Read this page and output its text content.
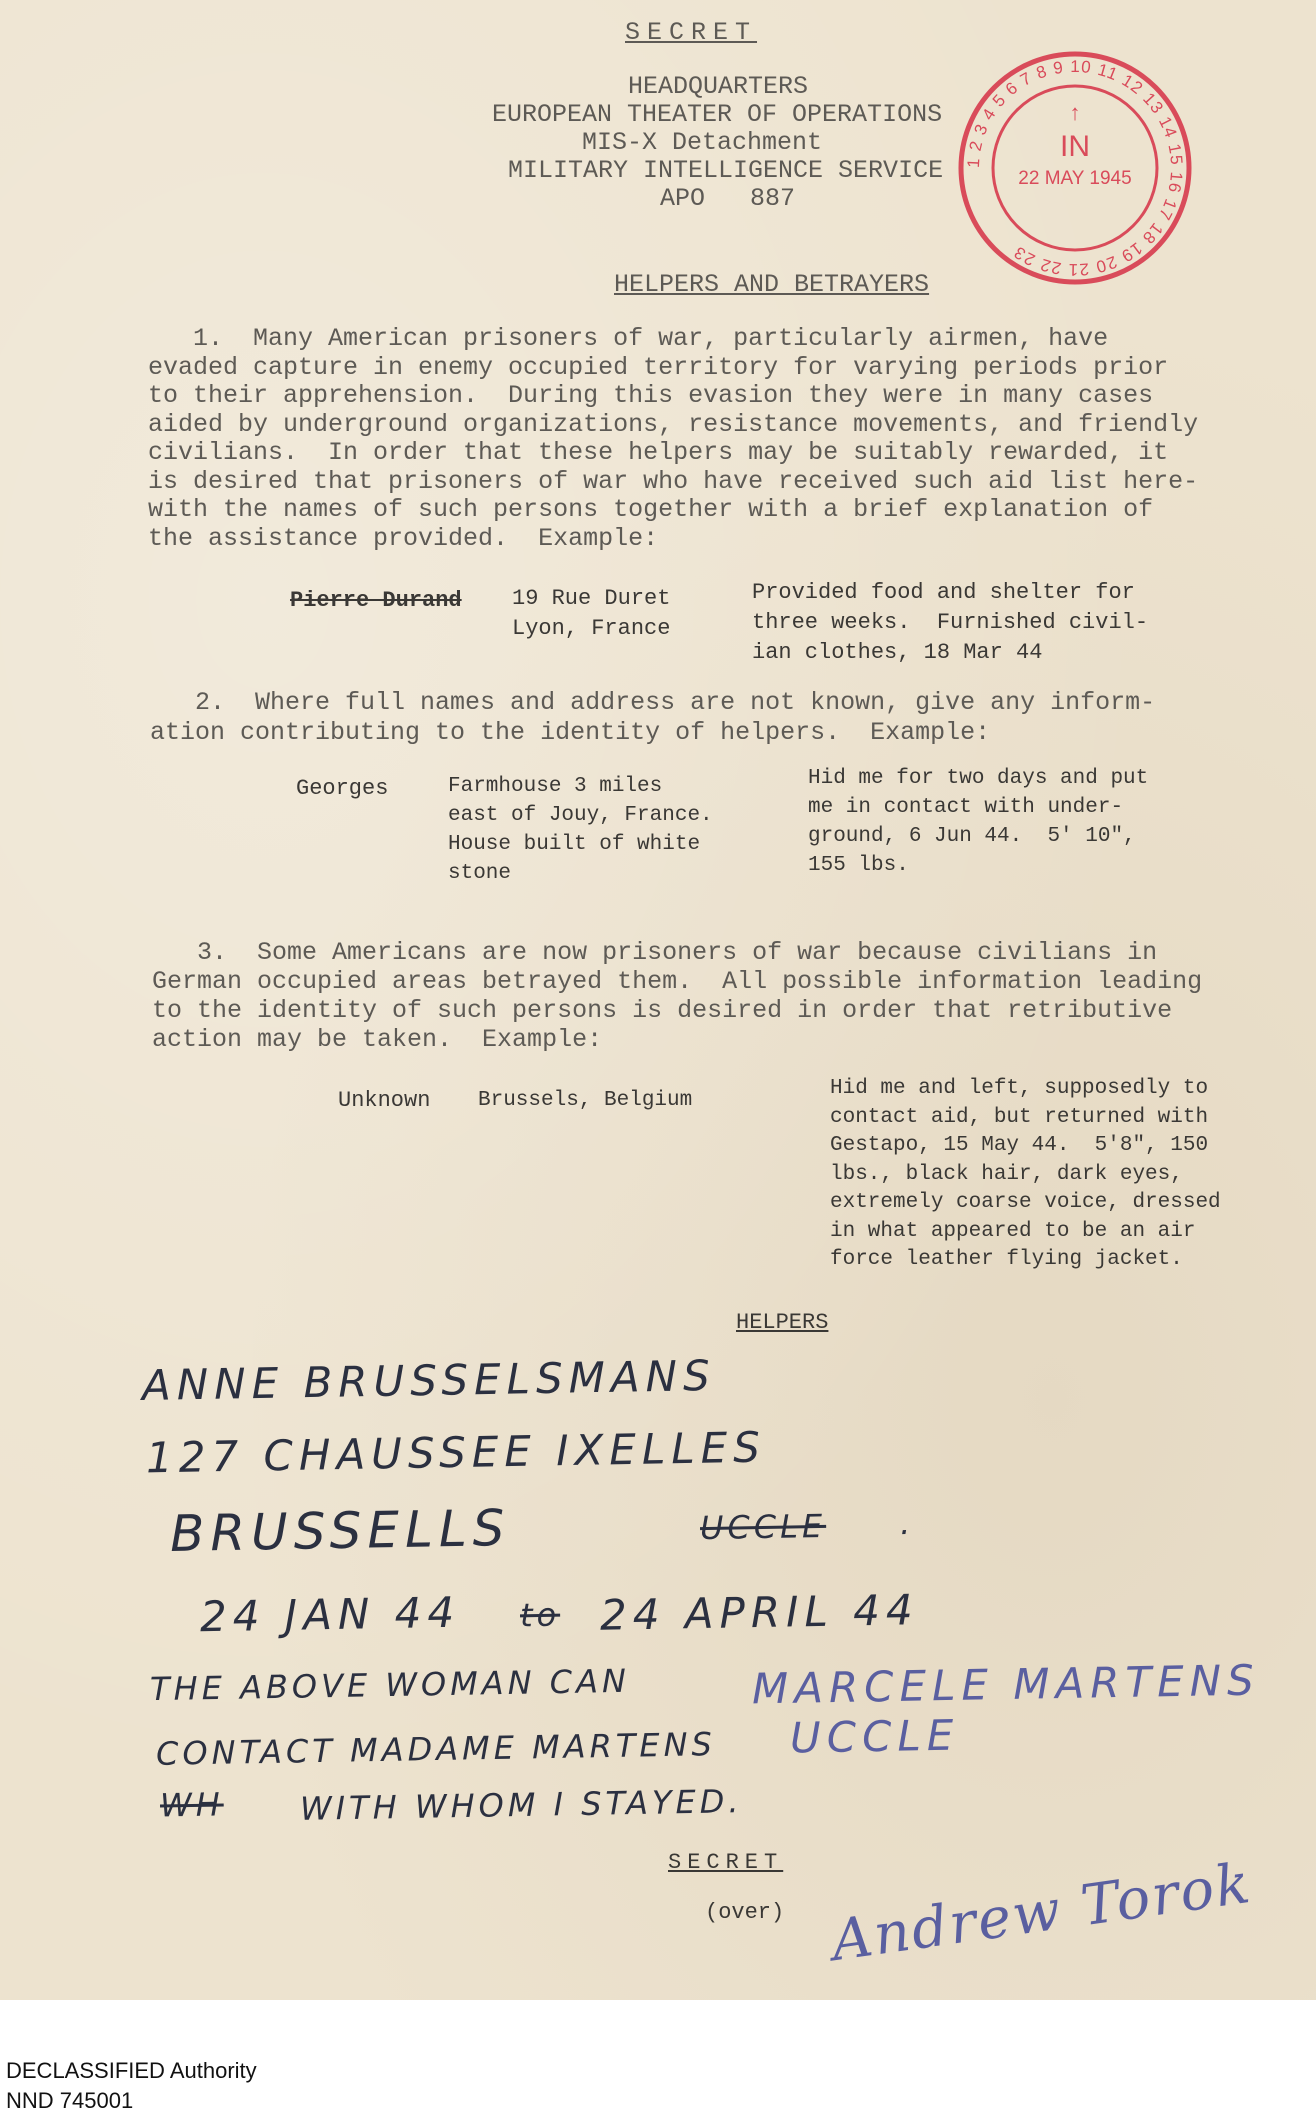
SECRET
HEADQUARTERS
EUROPEAN THEATER OF OPERATIONS
MIS-X Detachment
MILITARY INTELLIGENCE SERVICE
APO   887
1 2 3 4 5 6 7 8 9 10 11 12 13 14 15 16 17 18 19 20 21 22 23
↑
IN
22 MAY 1945
HELPERS AND BETRAYERS
1.  Many American prisoners of war, particularly airmen, have
evaded capture in enemy occupied territory for varying periods prior
to their apprehension.  During this evasion they were in many cases
aided by underground organizations, resistance movements, and friendly
civilians.  In order that these helpers may be suitably rewarded, it
is desired that prisoners of war who have received such aid list here-
with the names of such persons together with a brief explanation of
the assistance provided.  Example:
Pierre Durand 19 Rue Duret
Lyon, France
Provided food and shelter for
three weeks.  Furnished civil-
ian clothes, 18 Mar 44
2.  Where full names and address are not known, give any inform-
ation contributing to the identity of helpers.  Example:
Georges	Farmhouse 3 miles
east of Jouy, France.
House built of white
stone
Hid me for two days and put
me in contact with under-
ground, 6 Jun 44.  5' 10",
155 lbs.
3.  Some Americans are now prisoners of war because civilians in
German occupied areas betrayed them.  All possible information leading
to the identity of such persons is desired in order that retributive
action may be taken.  Example:
Unknown Brussels, Belgium
Hid me and left, supposedly to
contact aid, but returned with
Gestapo, 15 May 44.  5'8", 150
lbs., black hair, dark eyes,
extremely coarse voice, dressed
in what appeared to be an air
force leather flying jacket.
HELPERS
ANNE BRUSSELSMANS
127 CHAUSSEE IXELLES
BRUSSELLS	UCCLE .
24 JAN 44 to 24 APRIL 44
THE ABOVE WOMAN CAN
CONTACT MADAME MARTENS
WH WITH WHOM I STAYED.
MARCELE MARTENS
UCCLE
SECRET
(over) Andrew Torok
DECLASSIFIED Authority
NND 745001
